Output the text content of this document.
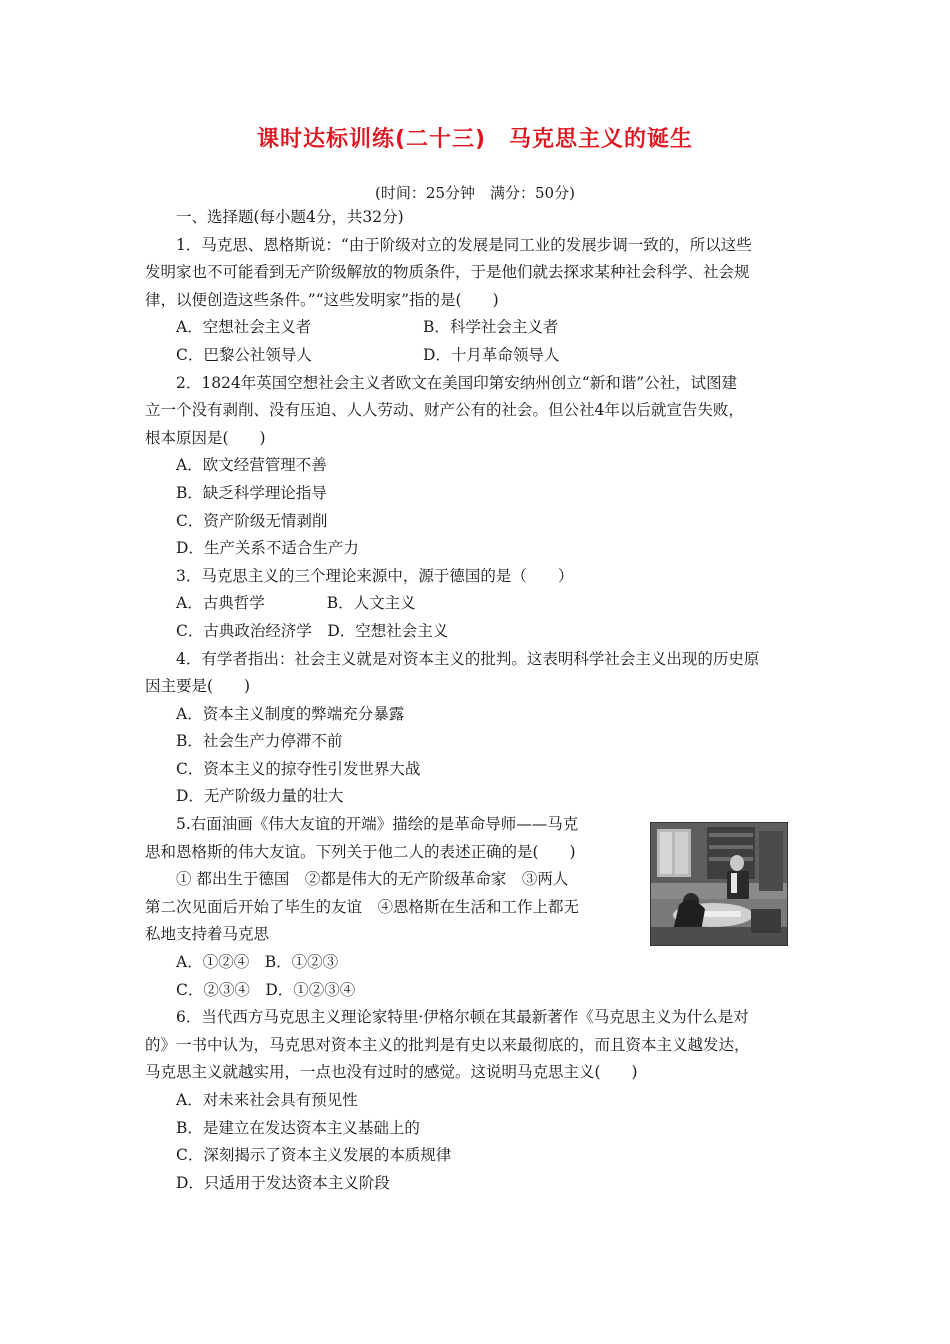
课时达标训练(二十三)　马克思主义的诞生
(时间：25分钟　满分：50分)
一、选择题(每小题4分，共32分)
1．马克思、恩格斯说：“由于阶级对立的发展是同工业的发展步调一致的，所以这些
发明家也不可能看到无产阶级解放的物质条件，于是他们就去探求某种社会科学、社会规
律，以便创造这些条件。”“这些发明家”指的是(　　)
A．空想社会主义者	B．科学社会主义者
C．巴黎公社领导人	D．十月革命领导人
2．1824年英国空想社会主义者欧文在美国印第安纳州创立“新和谐”公社，试图建
立一个没有剥削、没有压迫、人人劳动、财产公有的社会。但公社4年以后就宣告失败，
根本原因是(　　)
A．欧文经营管理不善
B．缺乏科学理论指导
C．资产阶级无情剥削
D．生产关系不适合生产力
3．马克思主义的三个理论来源中，源于德国的是（　　）
A．古典哲学　　　　B．人文主义
C．古典政治经济学　D．空想社会主义
4．有学者指出：社会主义就是对资本主义的批判。这表明科学社会主义出现的历史原
因主要是(　　)
A．资本主义制度的弊端充分暴露
B．社会生产力停滞不前
C．资本主义的掠夺性引发世界大战
D．无产阶级力量的壮大
5.右面油画《伟大友谊的开端》描绘的是革命导师——马克
思和恩格斯的伟大友谊。下列关于他二人的表述正确的是(　　)
① 都出生于德国　②都是伟大的无产阶级革命家　③两人
第二次见面后开始了毕生的友谊　④恩格斯在生活和工作上都无
私地支持着马克思
A．①②④　B．①②③
C．②③④　D．①②③④
6．当代西方马克思主义理论家特里·伊格尔顿在其最新著作《马克思主义为什么是对
的》一书中认为，马克思对资本主义的批判是有史以来最彻底的，而且资本主义越发达，
马克思主义就越实用，一点也没有过时的感觉。这说明马克思主义(　　)
A．对未来社会具有预见性
B．是建立在发达资本主义基础上的
C．深刻揭示了资本主义发展的本质规律
D．只适用于发达资本主义阶段
